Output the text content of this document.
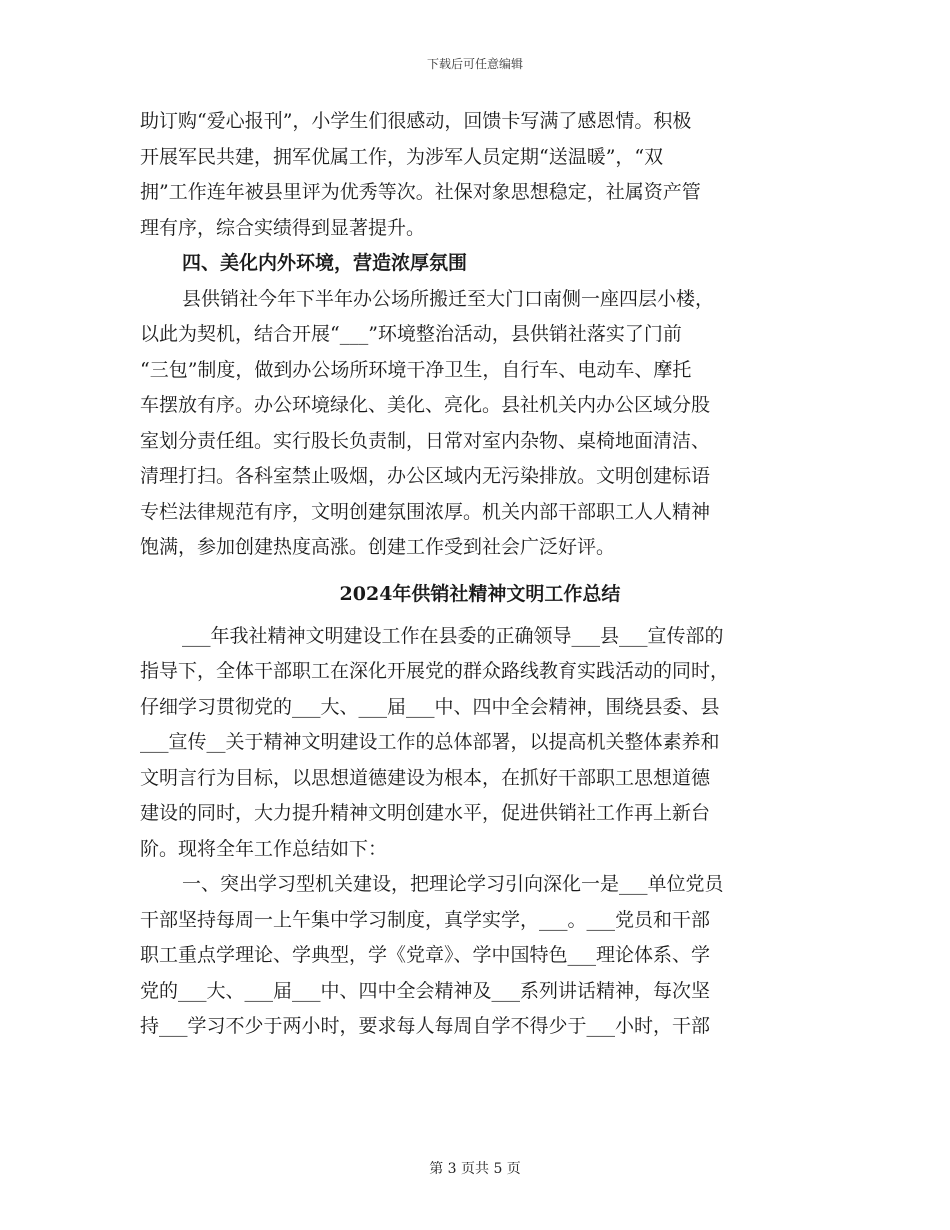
下载后可任意编辑
助订购“爱心报刊”，小学生们很感动，回馈卡写满了感恩情。积极
开展军民共建，拥军优属工作，为涉军人员定期“送温暖”，“双
拥”工作连年被县里评为优秀等次。社保对象思想稳定，社属资产管
理有序，综合实绩得到显著提升。
四、美化内外环境，营造浓厚氛围
县供销社今年下半年办公场所搬迁至大门口南侧一座四层小楼，
以此为契机，结合开展“___”环境整治活动，县供销社落实了门前
“三包”制度，做到办公场所环境干净卫生，自行车、电动车、摩托
车摆放有序。办公环境绿化、美化、亮化。县社机关内办公区域分股
室划分责任组。实行股长负责制，日常对室内杂物、桌椅地面清洁、
清理打扫。各科室禁止吸烟，办公区域内无污染排放。文明创建标语
专栏法律规范有序，文明创建氛围浓厚。机关内部干部职工人人精神
饱满，参加创建热度高涨。创建工作受到社会广泛好评。
2024年供销社精神文明工作总结
___年我社精神文明建设工作在县委的正确领导___县___宣传部的
指导下，全体干部职工在深化开展党的群众路线教育实践活动的同时，
仔细学习贯彻党的___大、___届___中、四中全会精神，围绕县委、县
___宣传__关于精神文明建设工作的总体部署，以提高机关整体素养和
文明言行为目标，以思想道德建设为根本，在抓好干部职工思想道德
建设的同时，大力提升精神文明创建水平，促进供销社工作再上新台
阶。现将全年工作总结如下：
一、突出学习型机关建设，把理论学习引向深化一是___单位党员
干部坚持每周一上午集中学习制度，真学实学，___。___党员和干部
职工重点学理论、学典型，学《党章》、学中国特色___理论体系、学
党的___大、___届___中、四中全会精神及___系列讲话精神，每次坚
持___学习不少于两小时，要求每人每周自学不得少于___小时，干部
第 3 页共 5 页
